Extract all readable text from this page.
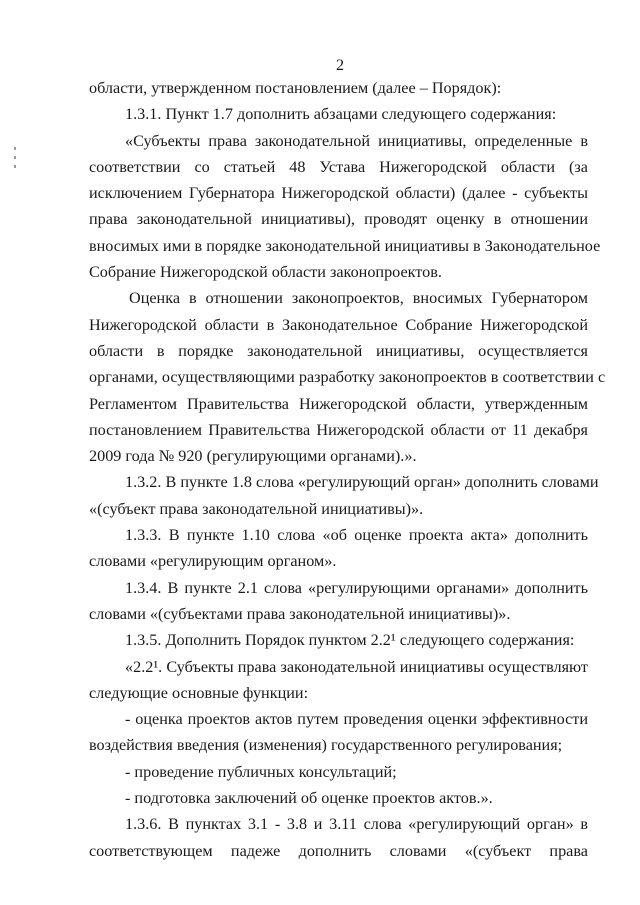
2
области, утвержденном постановлением (далее – Порядок):
1.3.1. Пункт 1.7 дополнить абзацами следующего содержания:
«Субъекты права законодательной инициативы, определенные в
соответствии со статьей 48 Устава Нижегородской области (за
исключением Губернатора Нижегородской области) (далее - субъекты
права законодательной инициативы), проводят оценку в отношении
вносимых ими в порядке законодательной инициативы в Законодательное
Собрание Нижегородской области законопроектов.
Оценка в отношении законопроектов, вносимых Губернатором
Нижегородской области в Законодательное Собрание Нижегородской
области в порядке законодательной инициативы, осуществляется
органами, осуществляющими разработку законопроектов в соответствии с
Регламентом Правительства Нижегородской области, утвержденным
постановлением Правительства Нижегородской области от 11 декабря
2009 года № 920 (регулирующими органами).».
1.3.2. В пункте 1.8 слова «регулирующий орган» дополнить словами
«(субъект права законодательной инициативы)».
1.3.3. В пункте 1.10 слова «об оценке проекта акта» дополнить
словами «регулирующим органом».
1.3.4. В пункте 2.1 слова «регулирующими органами» дополнить
словами «(субъектами права законодательной инициативы)».
1.3.5. Дополнить Порядок пунктом 2.2¹ следующего содержания:
«2.2¹. Субъекты права законодательной инициативы осуществляют
следующие основные функции:
- оценка проектов актов путем проведения оценки эффективности
воздействия введения (изменения) государственного регулирования;
- проведение публичных консультаций;
- подготовка заключений об оценке проектов актов.».
1.3.6. В пунктах 3.1 - 3.8 и 3.11 слова «регулирующий орган» в
соответствующем падеже дополнить словами «(субъект права
